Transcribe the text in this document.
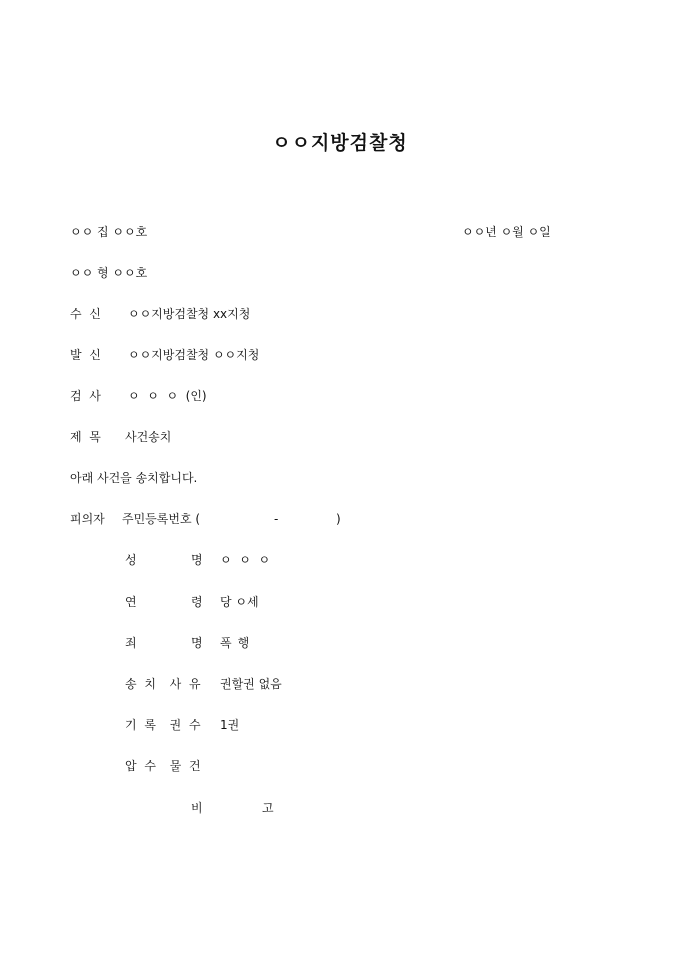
ㅇㅇ지방검찰청
ㅇㅇ 집 ㅇㅇ호	ㅇㅇ년 ㅇ월 ㅇ일
ㅇㅇ 형 ㅇㅇ호
수  신 ㅇㅇ지방검찰청 xx지청
발  신 ㅇㅇ지방검찰청 ㅇㅇ지청
검  사 ㅇ  ㅇ  ㅇ  (인)
제  목 사건송치
아래 사건을 송치합니다.
피의자 주민등록번호 (	-	)
성	명 ㅇ  ㅇ  ㅇ
연	령 당 ㅇ세
죄	명 폭행
송 치  사 유 권할권 없음
기 록  권 수 1권
압 수  물 건
비	고
